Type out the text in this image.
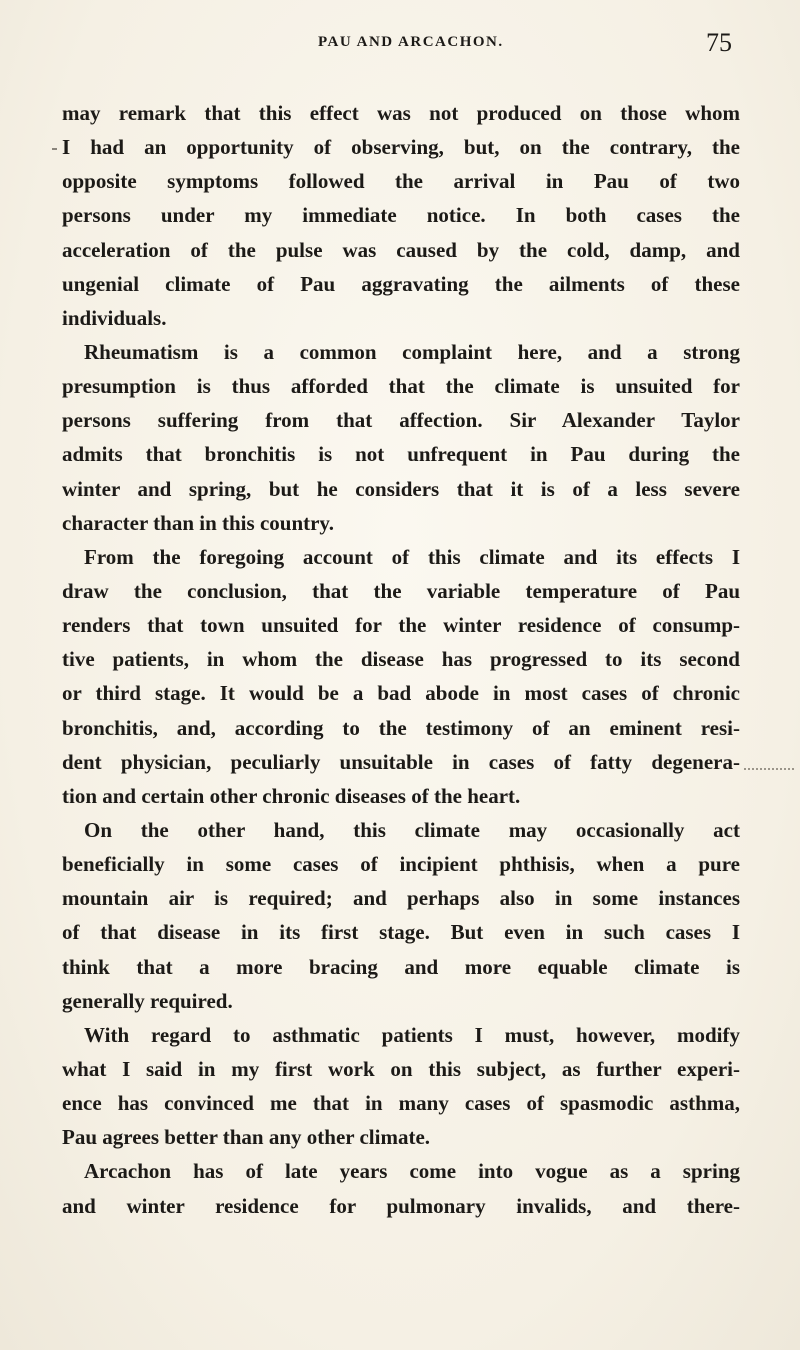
PAU AND ARCACHON.	75
may remark that this effect was not produced on those whom
I had an opportunity of observing, but, on the contrary, the
opposite symptoms followed the arrival in Pau of two
persons under my immediate notice. In both cases the
acceleration of the pulse was caused by the cold, damp, and
ungenial climate of Pau aggravating the ailments of these
individuals.
Rheumatism is a common complaint here, and a strong
presumption is thus afforded that the climate is unsuited for
persons suffering from that affection. Sir Alexander Taylor
admits that bronchitis is not unfrequent in Pau during the
winter and spring, but he considers that it is of a less severe
character than in this country.
From the foregoing account of this climate and its effects I
draw the conclusion, that the variable temperature of Pau
renders that town unsuited for the winter residence of consump-
tive patients, in whom the disease has progressed to its second
or third stage. It would be a bad abode in most cases of chronic
bronchitis, and, according to the testimony of an eminent resi-
dent physician, peculiarly unsuitable in cases of fatty degenera-
tion and certain other chronic diseases of the heart.
On the other hand, this climate may occasionally act
beneficially in some cases of incipient phthisis, when a pure
mountain air is required; and perhaps also in some instances
of that disease in its first stage. But even in such cases I
think that a more bracing and more equable climate is
generally required.
With regard to asthmatic patients I must, however, modify
what I said in my first work on this subject, as further experi-
ence has convinced me that in many cases of spasmodic asthma,
Pau agrees better than any other climate.
Arcachon has of late years come into vogue as a spring
and winter residence for pulmonary invalids, and there-
